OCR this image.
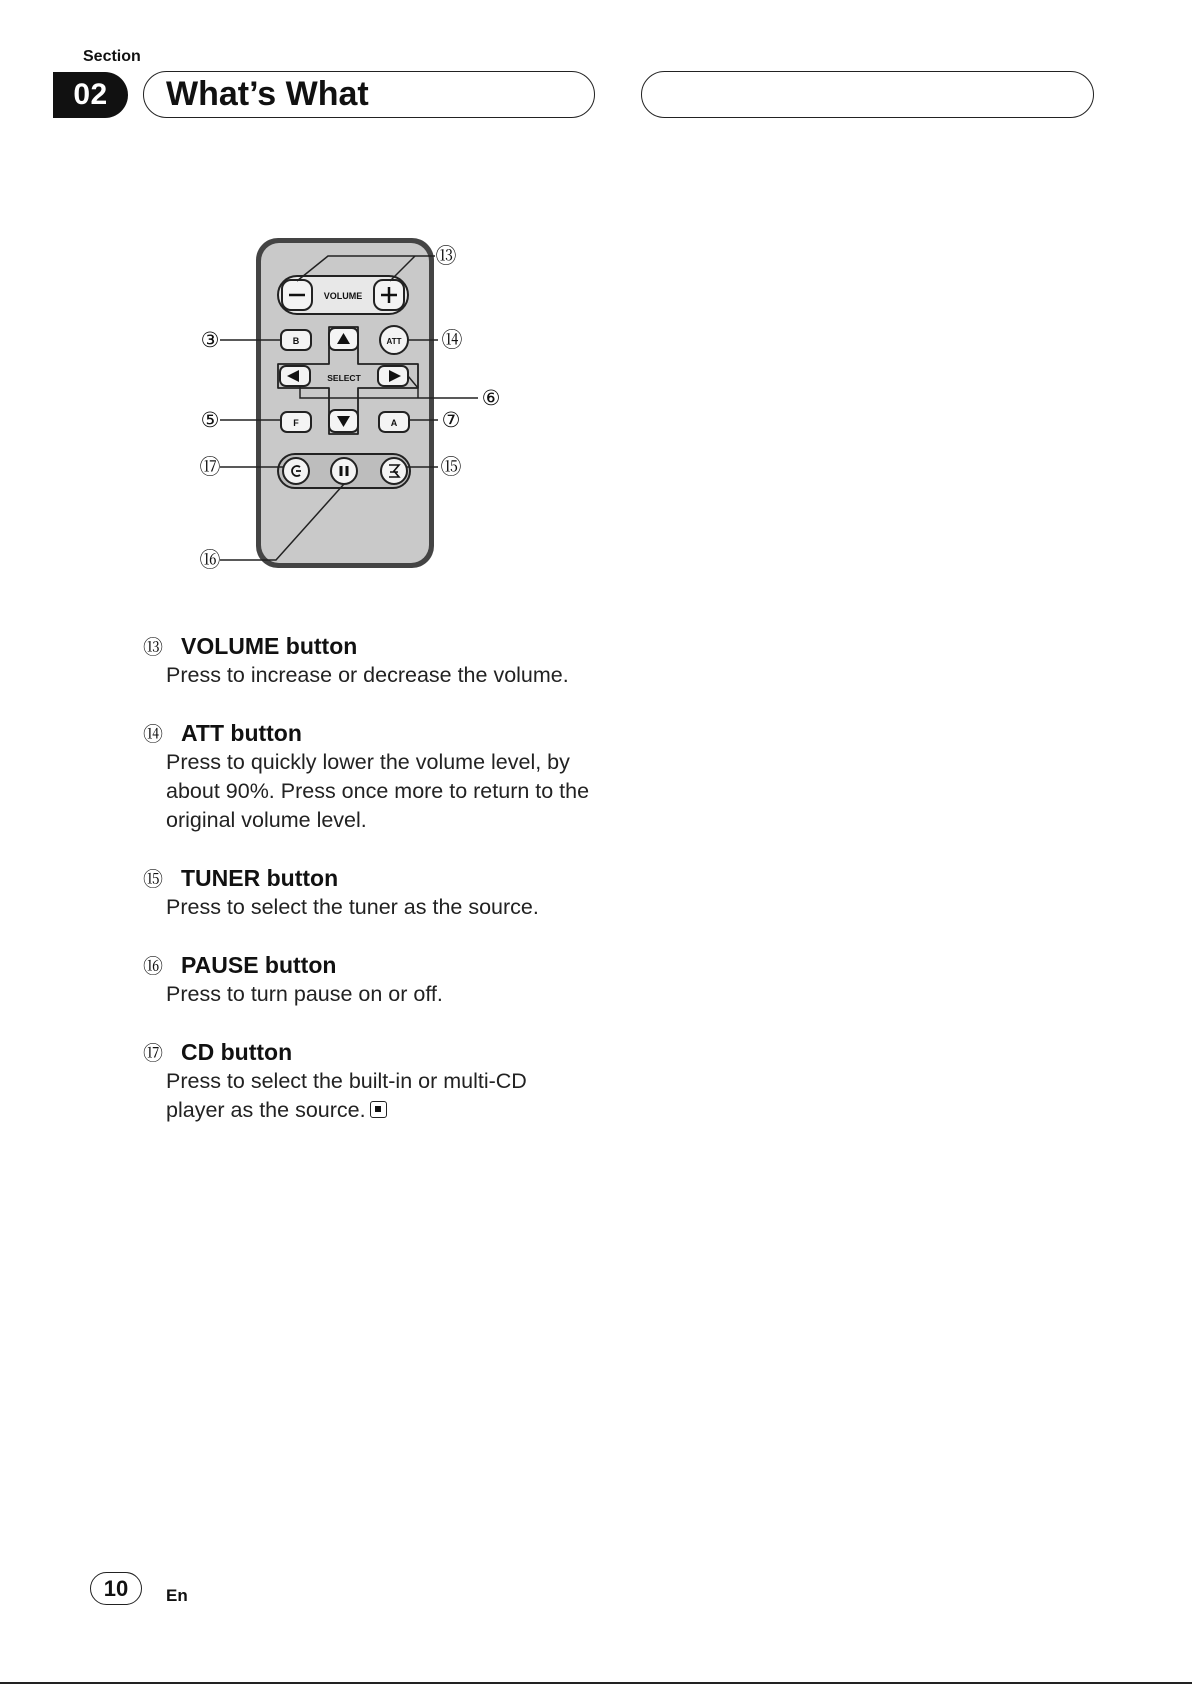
Section
02	What’s What
VOLUME
B	ATT
SELECT
F	A
⑬
③	⑭
⑥
⑤	⑦
⑰	⑮
⑯
⑬ VOLUME button
Press to increase or decrease the volume.
⑭ ATT button
Press to quickly lower the volume level, by about 90%. Press once more to return to the original volume level.
⑮ TUNER button
Press to select the tuner as the source.
⑯ PAUSE button
Press to turn pause on or off.
⑰ CD button
Press to select the built-in or multi-CD player as the source.
10	En
